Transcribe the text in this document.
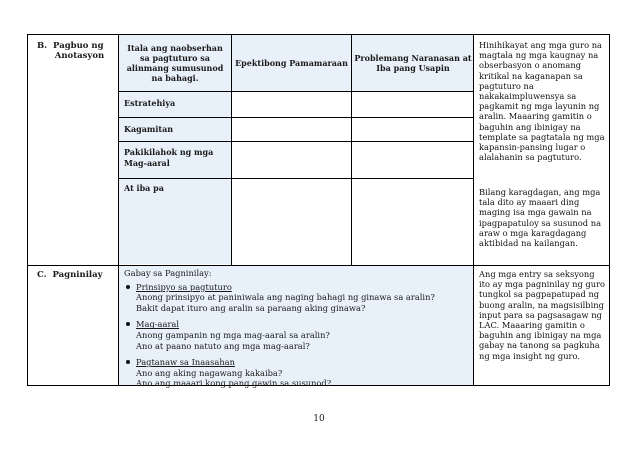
B.  Pagbuo ng
Anotasyon
Itala ang naobserhan sa pagtuturo sa alinmang sumusunod na bahagi.
Epektibong Pamamaraan Problemang Naranasan at Iba pang Usapin
Estratehiya
Kagamitan
Pakikilahok ng mga Mag-aaral
At iba pa
Hinihikayat ang mga guro na magtala ng mga kaugnay na obserbasyon o anomang kritikal na kaganapan sa pagtuturo na nakakaimpluwensya sa pagkamit ng mga layunin ng aralin. Maaaring gamitin o baguhin ang ibinigay na template sa pagtatala ng mga kapansin-pansing lugar o alalahanin sa pagtuturo.
Bilang karagdagan, ang mga tala dito ay maaari ding maging isa mga gawain na ipagpapatuloy sa susunod na araw o mga karagdagang aktibidad na kailangan.
C.  Pagninilay	Gabay sa Pagninilay:
Prinsipyo sa pagtuturo
Anong prinsipyo at paniniwala ang naging bahagi ng ginawa sa aralin?
Bakit dapat ituro ang aralin sa paraang aking ginawa?
Mag-aaral
Anong gampanin ng mga mag-aaral sa aralin?
Ano at paano natuto ang mga mag-aaral?
Pagtanaw sa Inaasahan
Ano ang aking nagawang kakaiba?
Ano ang maaari kong pang gawin sa susunod?
Ang mga entry sa seksyong ito ay mga pagninilay ng guro tungkol sa pagpapatupad ng buong aralin, na magsisilbing input para sa pagsasagaw ng LAC. Maaaring gamitin o baguhin ang ibinigay na mga gabay na tanong sa pagkuha ng mga insight ng guro.
10
